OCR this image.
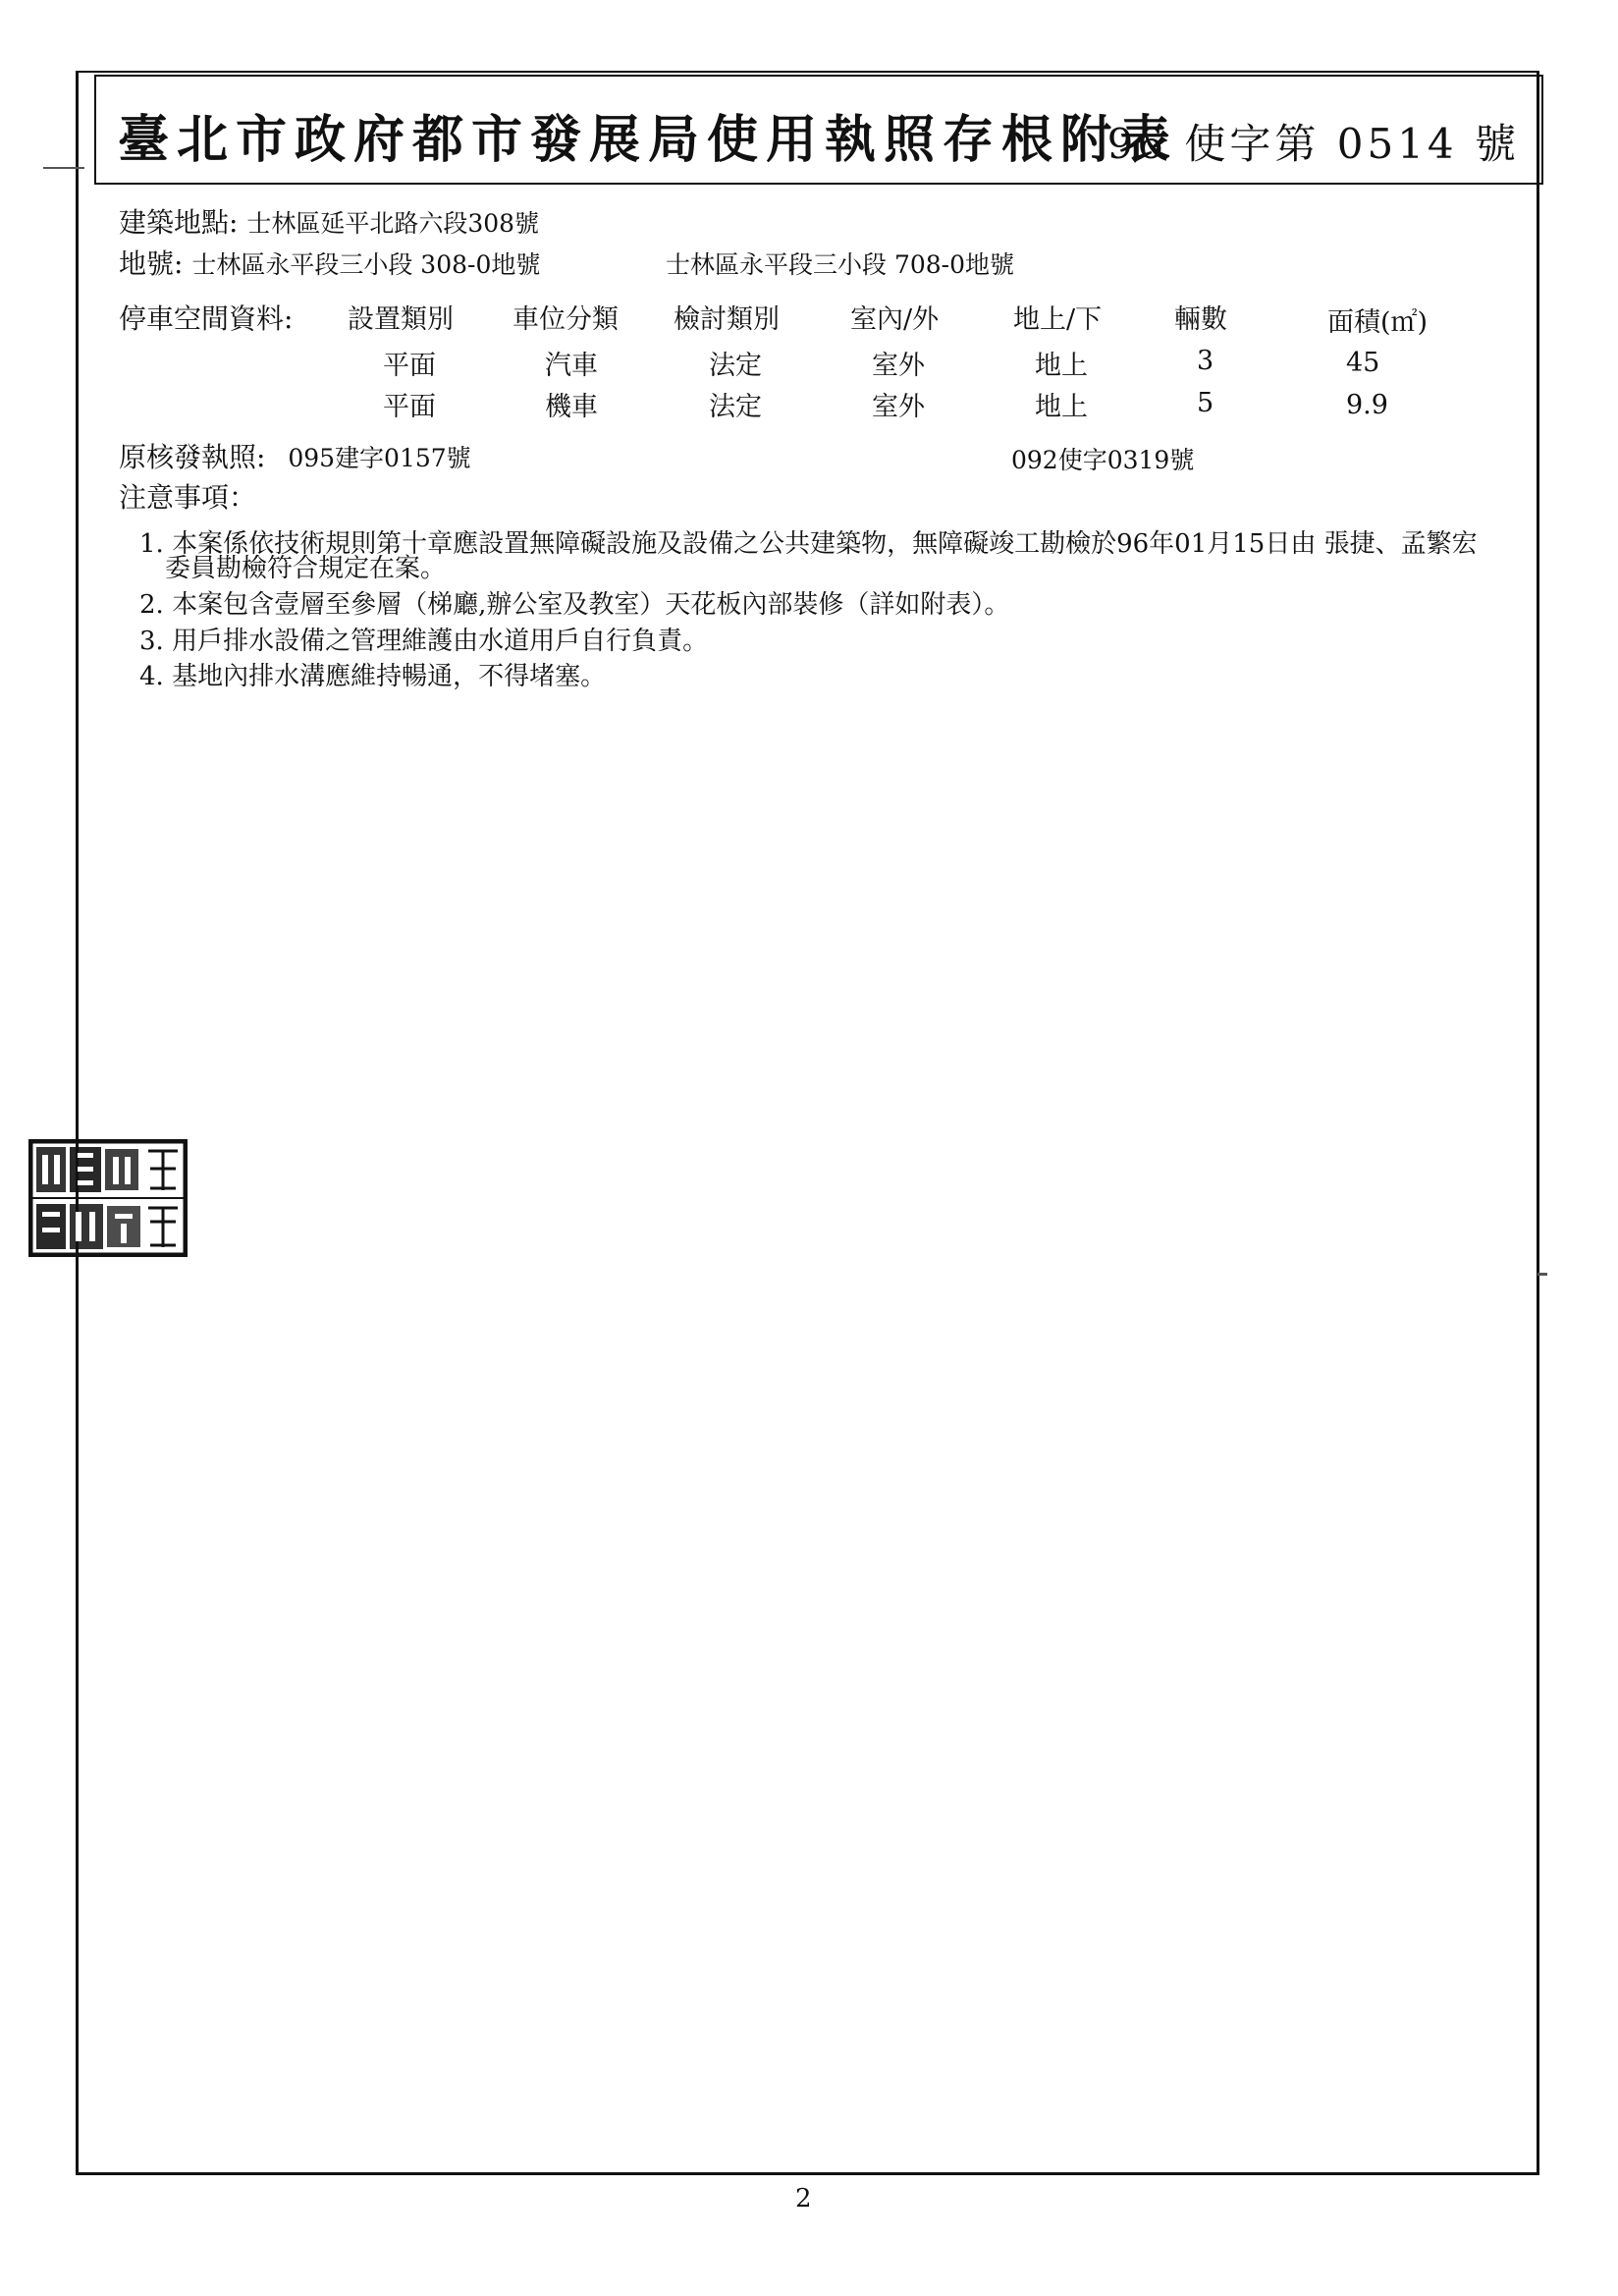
臺北市政府都市發展局使用執照存根附表
96 使字第 0514 號
建築地點: 士林區延平北路六段308號
地號: 士林區永平段三小段 308-0地號	士林區永平段三小段 708-0地號
停車空間資料: 設置類別 車位分類 檢討類別	室內/外	地上/下	輛數	面積(㎡)
平面	汽車	法定	室外	地上	3	45
平面	機車	法定	室外	地上	5	9.9
原核發執照: 095建字0157號	092使字0319號
注意事項：
1. 本案係依技術規則第十章應設置無障礙設施及設備之公共建築物，無障礙竣工勘檢於96年01月15日由 張捷、孟繁宏
委員勘檢符合規定在案。
2. 本案包含壹層至參層（梯廳,辦公室及教室）天花板內部裝修（詳如附表）。
3. 用戶排水設備之管理維護由水道用戶自行負責。
4. 基地內排水溝應維持暢通，不得堵塞。
2
